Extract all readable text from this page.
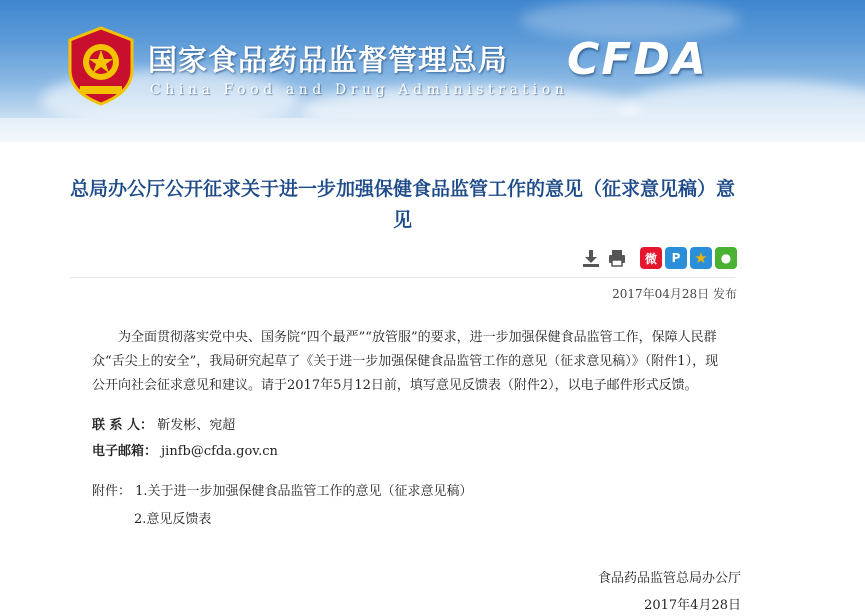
国家食品药品监督管理总局
China Food and Drug Administration
CFDA
总局办公厅公开征求关于进一步加强保健食品监管工作的意见（征求意见稿）意见
微	P ★	●
2017年04月28日 发布

为全面贯彻落实党中央、国务院“四个最严”“放管服”的要求，进一步加强保健食品监管工作，保障人民群众“舌尖上的安全”，我局研究起草了《关于进一步加强保健食品监管工作的意见（征求意见稿）》（附件1），现公开向社会征求意见和建议。请于2017年5月12日前，填写意见反馈表（附件2），以电子邮件形式反馈。

联 系 人： 靳发彬、宛超
电子邮箱： jinfb@cfda.gov.cn
附件： 1.关于进一步加强保健食品监管工作的意见（征求意见稿）
2.意见反馈表
食品药品监管总局办公厅
2017年4月28日
